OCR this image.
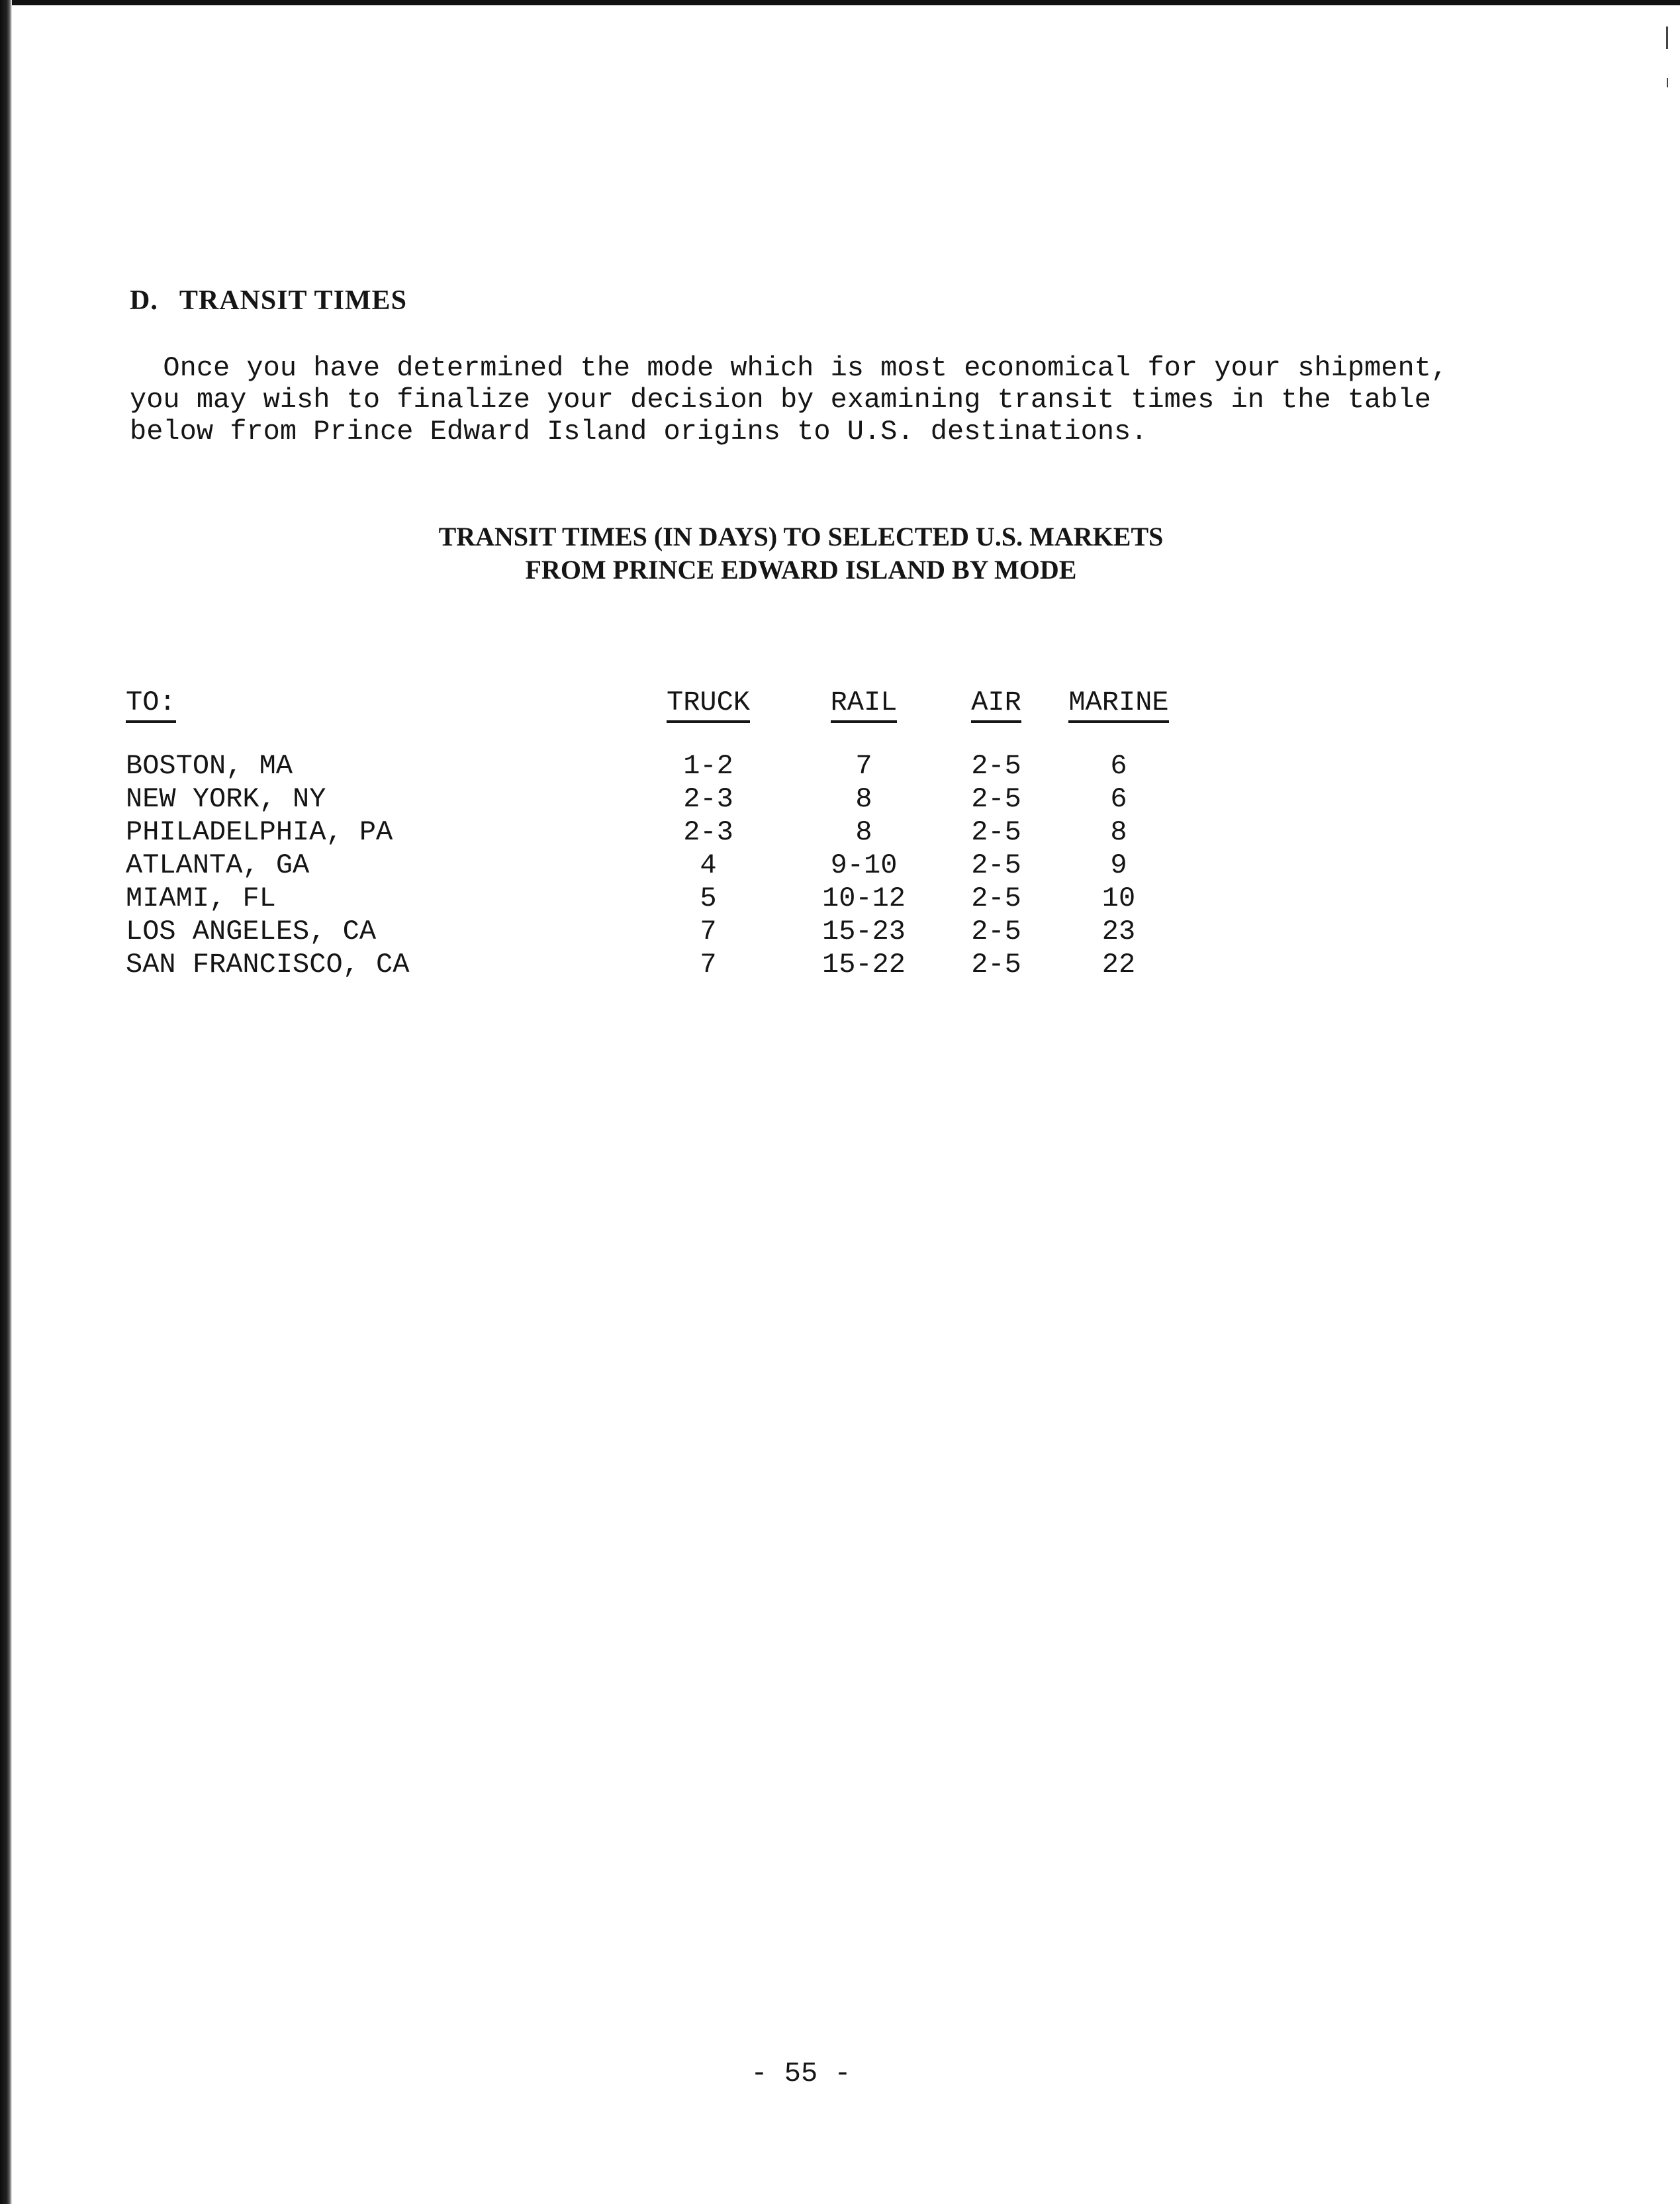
D. TRANSIT TIMES

Once you have determined the mode which is most economical for your shipment,

you may wish to finalize your decision by examining transit times in the table

below from Prince Edward Island origins to U.S. destinations.

TRANSIT TIMES (IN DAYS) TO SELECTED U.S. MARKETS
FROM PRINCE EDWARD ISLAND BY MODE
TO:	TRUCK	RAIL	AIR	MARINE
BOSTON, MA	1-2	7	2-5	6
NEW YORK, NY	2-3	8	2-5	6
PHILADELPHIA, PA	2-3	8	2-5	8
ATLANTA, GA	4	9-10	2-5	9
MIAMI, FL	5	10-12	2-5	10
LOS ANGELES, CA	7	15-23	2-5	23
SAN FRANCISCO, CA	7	15-22	2-5	22
- 55 -
